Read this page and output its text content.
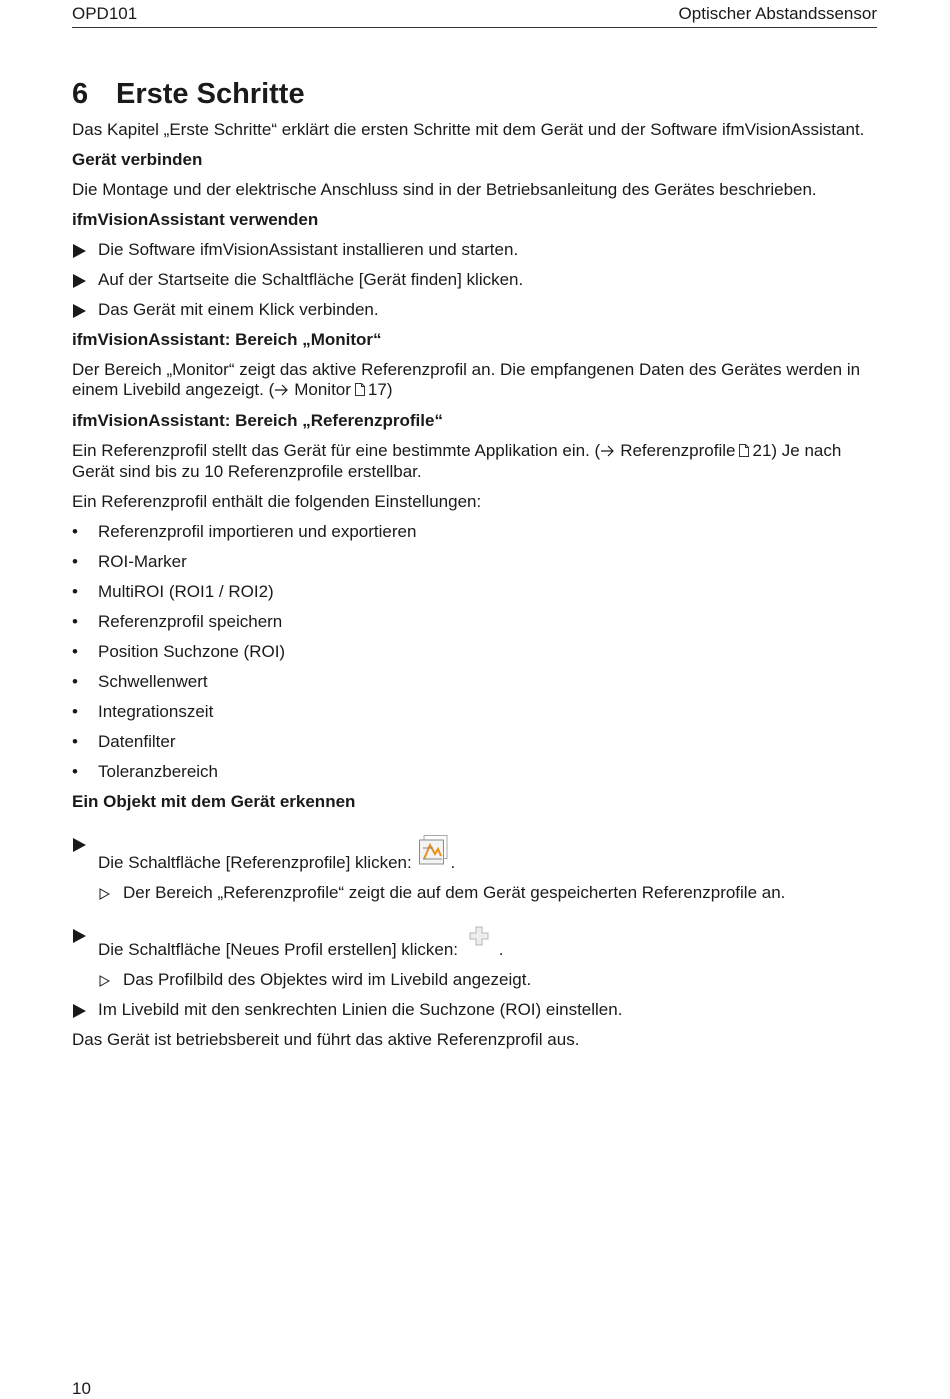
OPD101	Optischer Abstandssensor
6 Erste Schritte

Das Kapitel „Erste Schritte“ erklärt die ersten Schritte mit dem Gerät und der Software ifmVisionAssistant.

Gerät verbinden

Die Montage und der elektrische Anschluss sind in der Betriebsanleitung des Gerätes beschrieben.

ifmVisionAssistant verwenden
Die Software ifmVisionAssistant installieren und starten.
Auf der Startseite die Schaltfläche [Gerät finden] klicken.
Das Gerät mit einem Klick verbinden.
ifmVisionAssistant: Bereich „Monitor“

Der Bereich „Monitor“ zeigt das aktive Referenzprofil an. Die empfangenen Daten des Gerätes werden in einem Livebild angezeigt. ( Monitor 17)

ifmVisionAssistant: Bereich „Referenzprofile“

Ein Referenzprofil stellt das Gerät für eine bestimmte Applikation ein. ( Referenzprofile 21) Je nach Gerät sind bis zu 10 Referenzprofile erstellbar.

Ein Referenzprofil enthält die folgenden Einstellungen:

• Referenzprofil importieren und exportieren
• ROI-Marker
• MultiROI (ROI1 / ROI2)
• Referenzprofil speichern
• Position Suchzone (ROI)
• Schwellenwert
• Integrationszeit
• Datenfilter
• Toleranzbereich
Ein Objekt mit dem Gerät erkennen
Die Schaltfläche [Referenzprofile] klicken: .
Der Bereich „Referenzprofile“ zeigt die auf dem Gerät gespeicherten Referenzprofile an.
Die Schaltfläche [Neues Profil erstellen] klicken: .
Das Profilbild des Objektes wird im Livebild angezeigt.
Im Livebild mit den senkrechten Linien die Suchzone (ROI) einstellen.

Das Gerät ist betriebsbereit und führt das aktive Referenzprofil aus.

10
